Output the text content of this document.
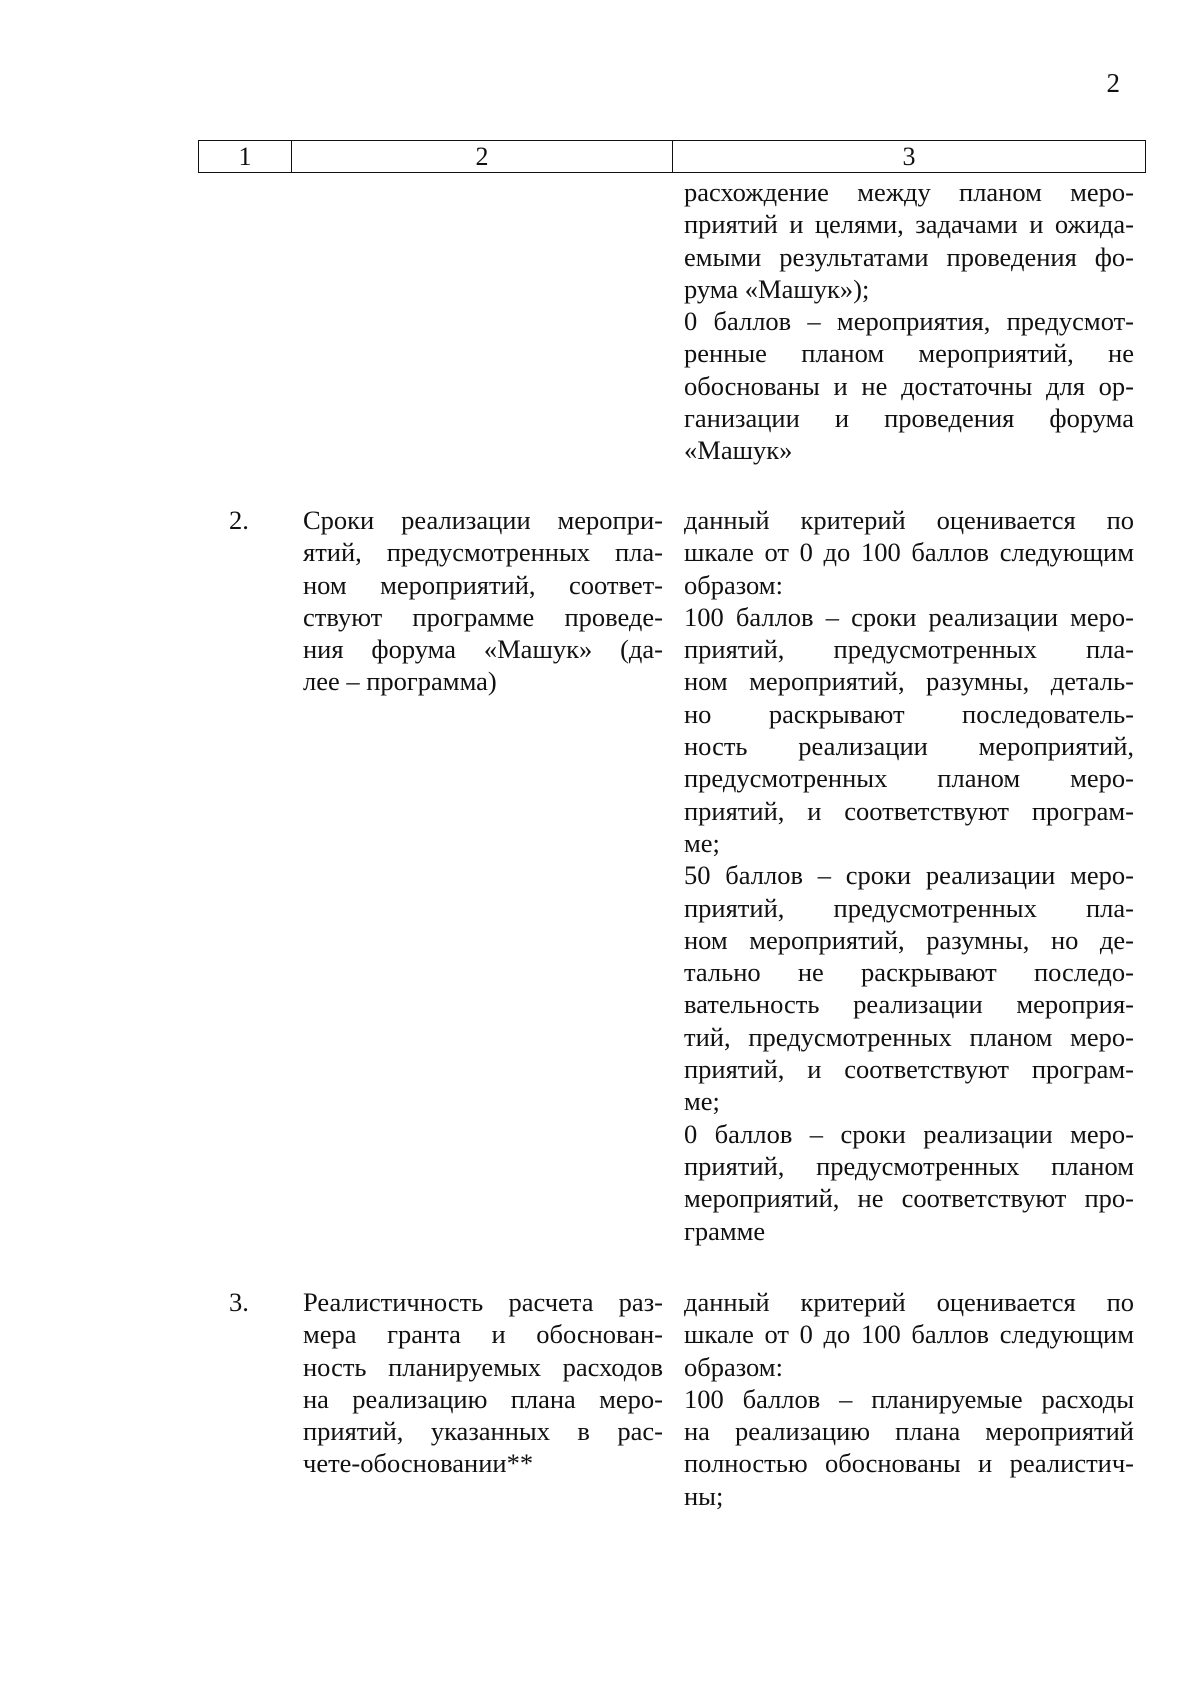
2
1	2	3
расхождение между планом меро-
приятий и целями, задачами и ожида-
емыми результатами проведения фо-
рума «Машук»);
0 баллов – мероприятия, предусмот-
ренные планом мероприятий, не
обоснованы и не достаточны для ор-
ганизации и проведения форума
«Машук»
2. Сроки реализации меропри-
ятий, предусмотренных пла-
ном мероприятий, соответ-
ствуют программе проведе-
ния форума «Машук» (да-
лее – программа)
данный критерий оценивается по
шкале от 0 до 100 баллов следующим
образом:
100 баллов – сроки реализации меро-
приятий, предусмотренных пла-
ном мероприятий, разумны, деталь-
но раскрывают последователь-
ность реализации мероприятий,
предусмотренных планом меро-
приятий, и соответствуют програм-
ме;
50 баллов – сроки реализации меро-
приятий, предусмотренных пла-
ном мероприятий, разумны, но де-
тально не раскрывают последо-
вательность реализации мероприя-
тий, предусмотренных планом меро-
приятий, и соответствуют програм-
ме;
0 баллов – сроки реализации меро-
приятий, предусмотренных планом
мероприятий, не соответствуют про-
грамме
3. Реалистичность расчета раз-
мера гранта и обоснован-
ность планируемых расходов
на реализацию плана меро-
приятий, указанных в рас-
чете-обосновании**
данный критерий оценивается по
шкале от 0 до 100 баллов следующим
образом:
100 баллов – планируемые расходы
на реализацию плана мероприятий
полностью обоснованы и реалистич-
ны;
